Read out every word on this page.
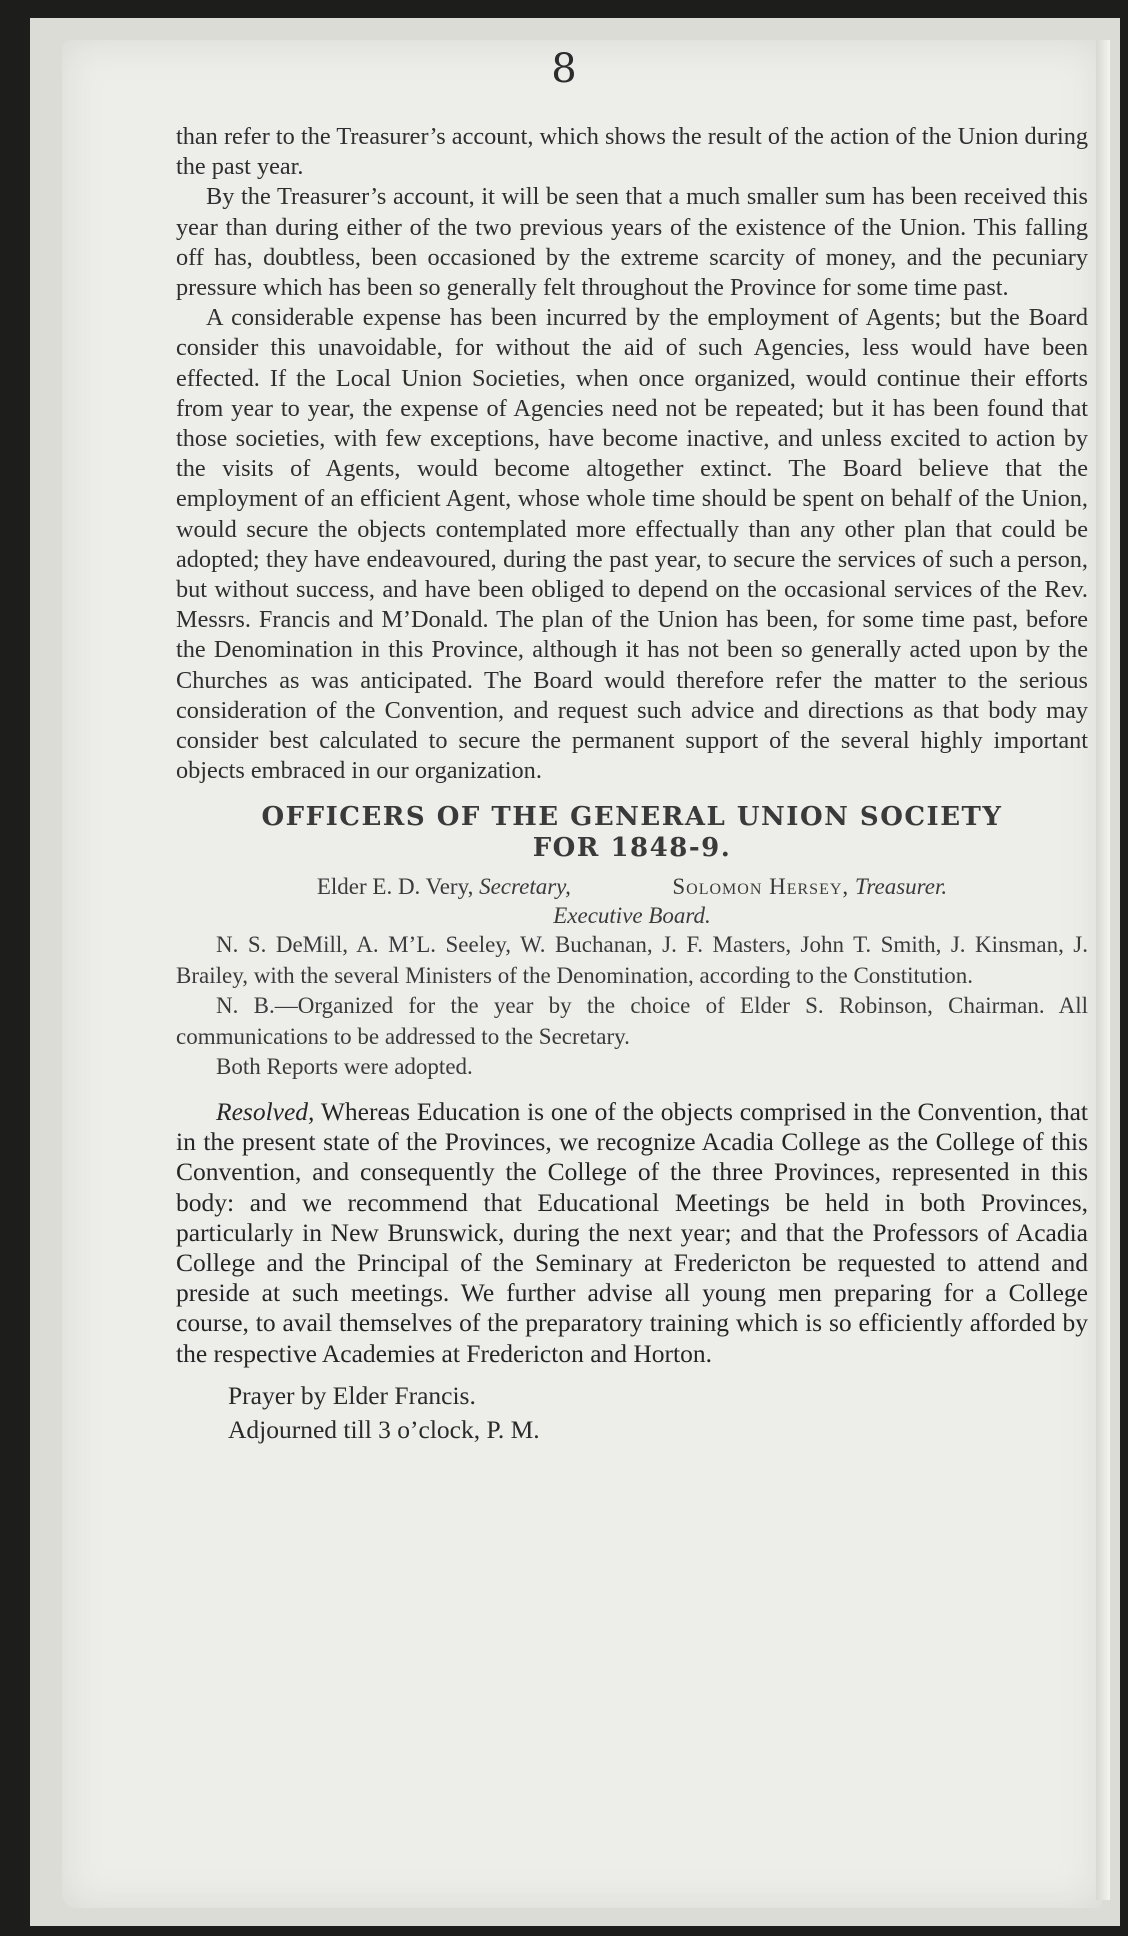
8

than refer to the Treasurer’s account, which shows the result of the action of the Union during the past year.

By the Treasurer’s account, it will be seen that a much smaller sum has been received this year than during either of the two previous years of the existence of the Union. This falling off has, doubtless, been occasioned by the extreme scarcity of money, and the pecuniary pressure which has been so generally felt throughout the Province for some time past.

A considerable expense has been incurred by the employment of Agents; but the Board consider this unavoidable, for without the aid of such Agencies, less would have been effected. If the Local Union Societies, when once organized, would continue their efforts from year to year, the expense of Agencies need not be repeated; but it has been found that those societies, with few exceptions, have become inactive, and unless excited to action by the visits of Agents, would become altogether extinct. The Board believe that the employment of an efficient Agent, whose whole time should be spent on behalf of the Union, would secure the objects contemplated more effectually than any other plan that could be adopted; they have endeavoured, during the past year, to secure the services of such a person, but without success, and have been obliged to depend on the occasional services of the Rev. Messrs. Francis and M’Donald. The plan of the Union has been, for some time past, before the Denomination in this Province, although it has not been so generally acted upon by the Churches as was anticipated. The Board would therefore refer the matter to the serious consideration of the Convention, and request such advice and directions as that body may consider best calculated to secure the permanent support of the several highly important objects embraced in our organization.

OFFICERS OF THE GENERAL UNION SOCIETY
FOR 1848-9.
Elder E. D. Very, Secretary,	Solomon Hersey, Treasurer.
Executive Board.

N. S. DeMill, A. M’L. Seeley, W. Buchanan, J. F. Masters, John T. Smith, J. Kinsman, J. Brailey, with the several Ministers of the Denomination, according to the Constitution.

N. B.—Organized for the year by the choice of Elder S. Robinson, Chairman. All communications to be addressed to the Secretary.

Both Reports were adopted.

Resolved, Whereas Education is one of the objects comprised in the Convention, that in the present state of the Provinces, we recognize Acadia College as the College of this Convention, and consequently the College of the three Provinces, represented in this body: and we recommend that Educational Meetings be held in both Provinces, particularly in New Brunswick, during the next year; and that the Professors of Acadia College and the Principal of the Seminary at Fredericton be requested to attend and preside at such meetings. We further advise all young men preparing for a College course, to avail themselves of the preparatory training which is so efficiently afforded by the respective Academies at Fredericton and Horton.

Prayer by Elder Francis.
Adjourned till 3 o’clock, P. M.
